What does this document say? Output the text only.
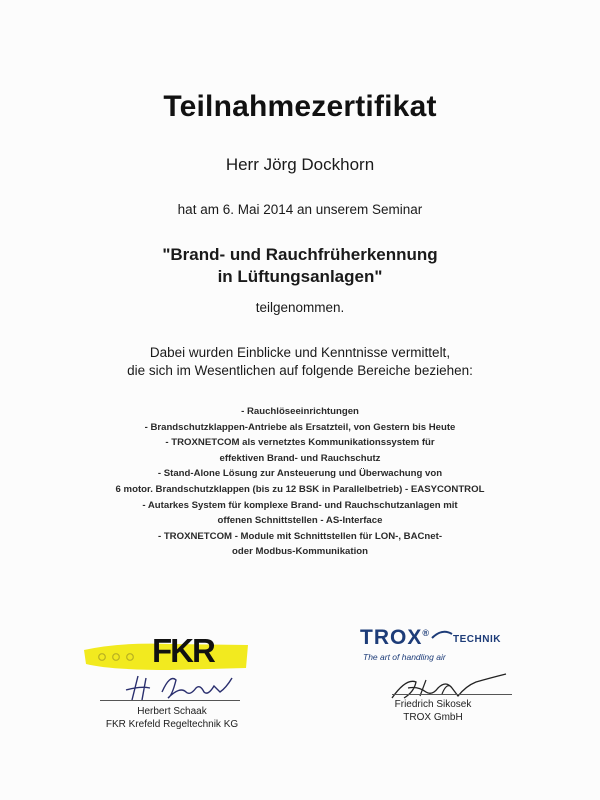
Teilnahmezertifikat
Herr Jörg Dockhorn
hat am 6. Mai 2014 an unserem Seminar
"Brand- und Rauchfrüherkennung
in Lüftungsanlagen"
teilgenommen.
Dabei wurden Einblicke und Kenntnisse vermittelt,
die sich im Wesentlichen auf folgende Bereiche beziehen:
- Rauchlöseeinrichtungen
- Brandschutzklappen-Antriebe als Ersatzteil, von Gestern bis Heute
- TROXNETCOM als vernetztes Kommunikationssystem für
effektiven Brand- und Rauchschutz
- Stand-Alone Lösung zur Ansteuerung und Überwachung von
6 motor. Brandschutzklappen (bis zu 12 BSK in Parallelbetrieb) - EASYCONTROL
- Autarkes System für komplexe Brand- und Rauchschutzanlagen mit
offenen Schnittstellen - AS-Interface
- TROXNETCOM - Module mit Schnittstellen für LON-, BACnet-
oder Modbus-Kommunikation
FKR	TROX®
TECHNIK
The art of handling air
Herbert Schaak
FKR Krefeld Regeltechnik KG
Friedrich Sikosek
TROX GmbH
